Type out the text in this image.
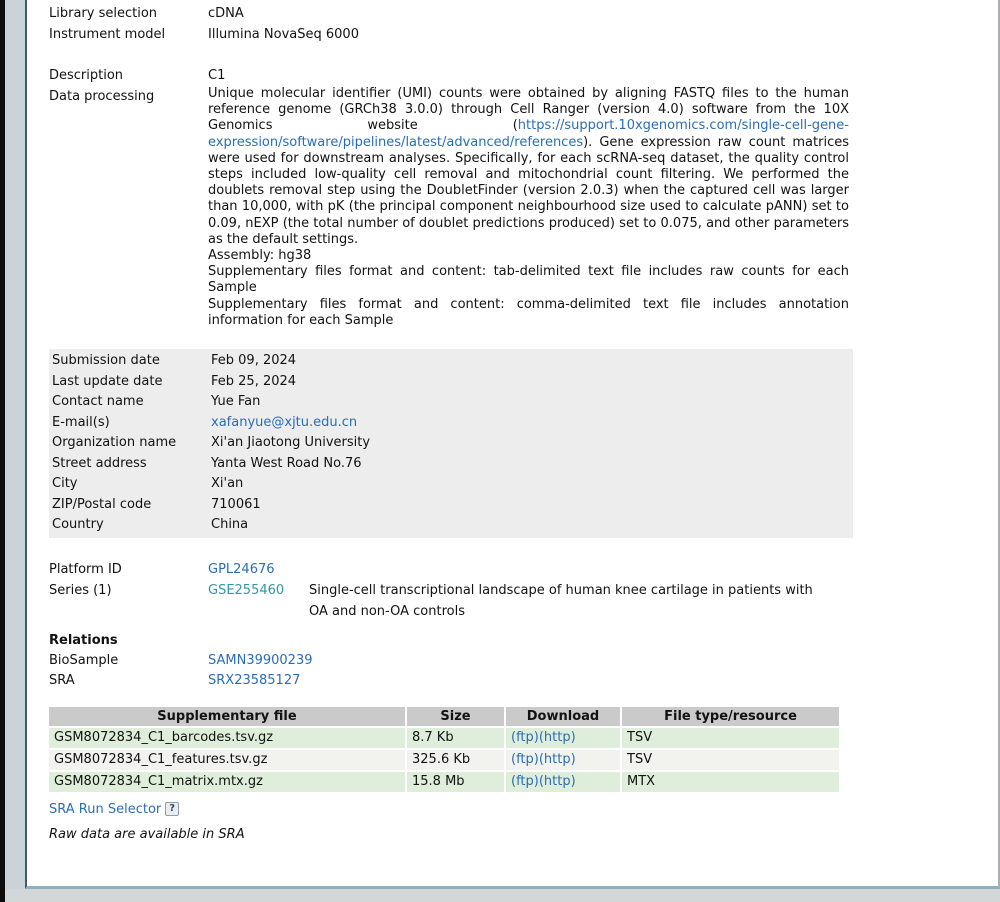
Library selection	cDNA
Instrument model	Illumina NovaSeq 6000
Description	C1
Data processing	Unique molecular identifier (UMI) counts were obtained by aligning FASTQ files to the human reference genome (GRCh38 3.0.0) through Cell Ranger (version 4.0) software from the 10X Genomics website (https://support.10xgenomics.com/single-cell-gene-expression/software/pipelines/latest/advanced/references). Gene expression raw count matrices were used for downstream analyses. Specifically, for each scRNA-seq dataset, the quality control steps included low-quality cell removal and mitochondrial count filtering. We performed the doublets removal step using the DoubletFinder (version 2.0.3) when the captured cell was larger than 10,000, with pK (the principal component neighbourhood size used to calculate pANN) set to 0.09, nEXP (the total number of doublet predictions produced) set to 0.075, and other parameters as the default settings.
Assembly: hg38
Supplementary files format and content: tab-delimited text file includes raw counts for each Sample
Supplementary files format and content: comma-delimited text file includes annotation information for each Sample
Submission date	Feb 09, 2024
Last update date	Feb 25, 2024
Contact name	Yue Fan
E-mail(s)	xafanyue@xjtu.edu.cn
Organization name	Xi'an Jiaotong University
Street address	Yanta West Road No.76
City	Xi'an
ZIP/Postal code	710061
Country	China
Platform ID	GPL24676
Series (1)	GSE255460	Single-cell transcriptional landscape of human knee cartilage in patients with OA and non-OA controls
Relations
BioSample	SAMN39900239
SRA	SRX23585127
Supplementary file	Size	Download	File type/resource
GSM8072834_C1_barcodes.tsv.gz	8.7 Kb	(ftp)(http)	TSV
GSM8072834_C1_features.tsv.gz	325.6 Kb	(ftp)(http)	TSV
GSM8072834_C1_matrix.mtx.gz	15.8 Mb	(ftp)(http)	MTX
SRA Run Selector ?
Raw data are available in SRA
